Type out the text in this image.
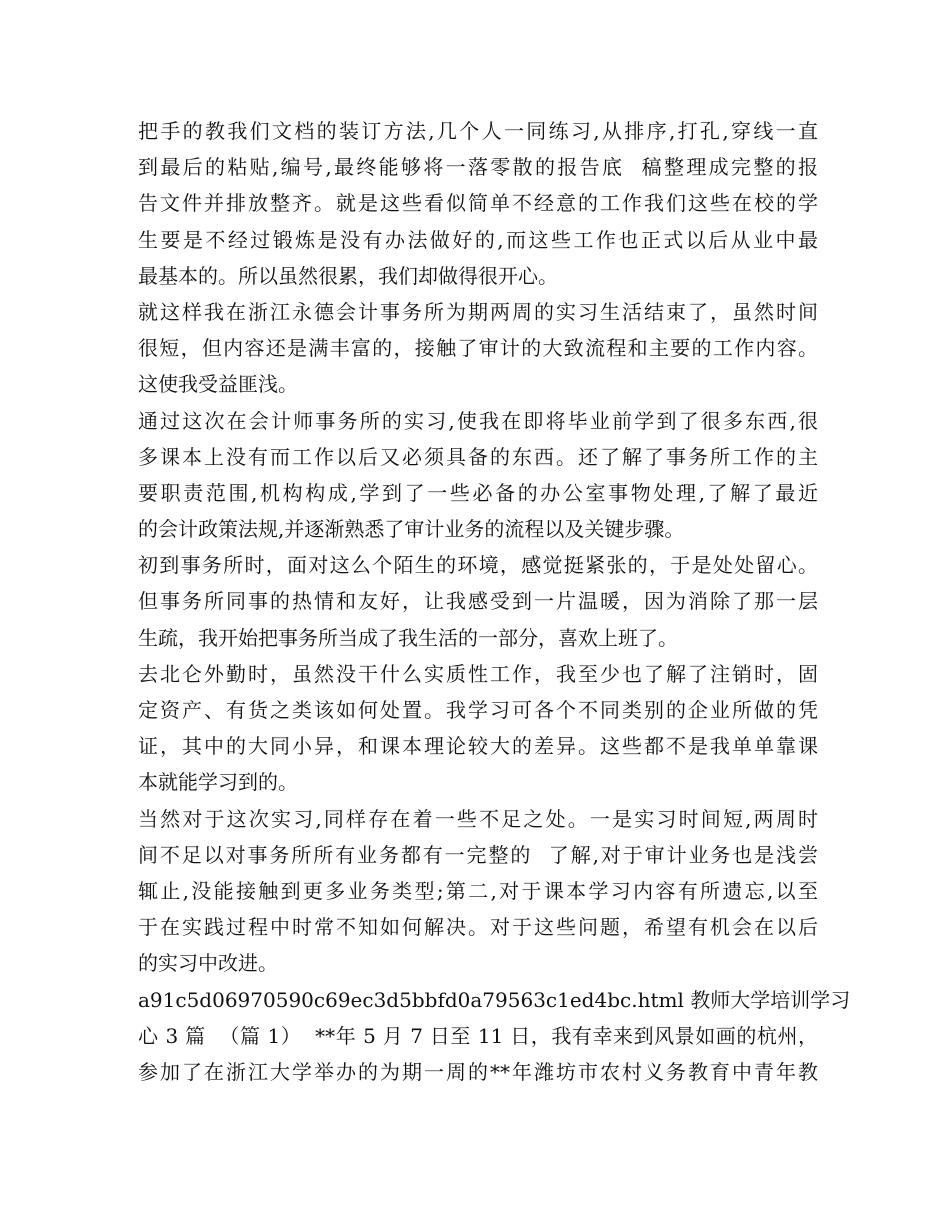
把手的教我们文档的装订方法,几个人一同练习,从排序,打孔,穿线一直
到最后的粘贴,编号,最终能够将一落零散的报告底  稿整理成完整的报
告文件并排放整齐。就是这些看似简单不经意的工作我们这些在校的学
生要是不经过锻炼是没有办法做好的,而这些工作也正式以后从业中最
最基本的。所以虽然很累，我们却做得很开心。
就这样我在浙江永德会计事务所为期两周的实习生活结束了，虽然时间
很短，但内容还是满丰富的，接触了审计的大致流程和主要的工作内容。
这使我受益匪浅。
通过这次在会计师事务所的实习,使我在即将毕业前学到了很多东西,很
多课本上没有而工作以后又必须具备的东西。还了解了事务所工作的主
要职责范围,机构构成,学到了一些必备的办公室事物处理,了解了最近
的会计政策法规,并逐渐熟悉了审计业务的流程以及关键步骤。
初到事务所时，面对这么个陌生的环境，感觉挺紧张的，于是处处留心。
但事务所同事的热情和友好，让我感受到一片温暖，因为消除了那一层
生疏，我开始把事务所当成了我生活的一部分，喜欢上班了。
去北仑外勤时，虽然没干什么实质性工作，我至少也了解了注销时，固
定资产、有货之类该如何处置。我学习可各个不同类别的企业所做的凭
证，其中的大同小异，和课本理论较大的差异。这些都不是我单单靠课
本就能学习到的。
当然对于这次实习,同样存在着一些不足之处。一是实习时间短,两周时
间不足以对事务所所有业务都有一完整的  了解,对于审计业务也是浅尝
辄止,没能接触到更多业务类型;第二,对于课本学习内容有所遗忘,以至
于在实践过程中时常不知如何解决。对于这些问题，希望有机会在以后
的实习中改进。
a91c5d06970590c69ec3d5bbfd0a79563c1ed4bc.html 教师大学培训学习
心 3 篇  （篇 1）  **年 5 月 7 日至 11 日，我有幸来到风景如画的杭州，
参加了在浙江大学举办的为期一周的**年潍坊市农村义务教育中青年教
